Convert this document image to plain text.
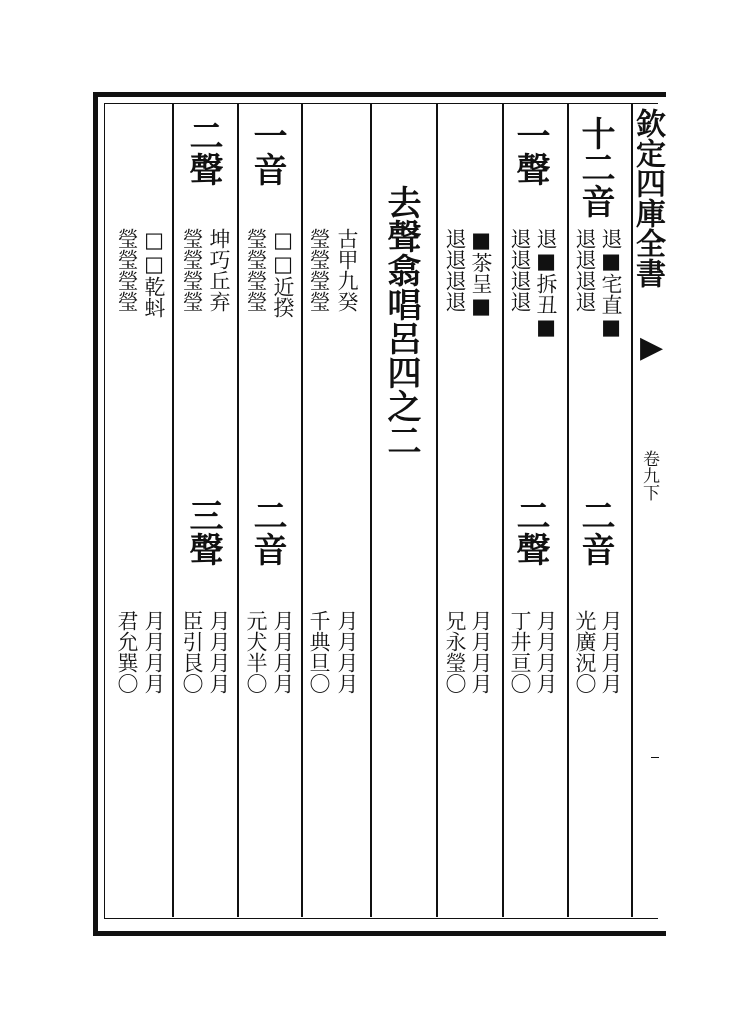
欽定四庫全書
▶
卷九下
十二音
退■宅直■
退退退退
二音
月月月月
光廣況〇
一聲
退■拆丑■
退退退退
二聲
月月月月
丁井亘〇
■茶呈■
退退退退
月月月月
兄永瑩〇
去聲翕唱呂四之二
古甲九癸
瑩瑩瑩瑩
月月月月
千典旦〇
一音
□□近揆
瑩瑩瑩瑩
二音
月月月月
元犬半〇
二聲
坤巧丘弃
瑩瑩瑩瑩
三聲
月月月月
臣引艮〇
□□乾蚪
瑩瑩瑩瑩
月月月月
君允巽〇
